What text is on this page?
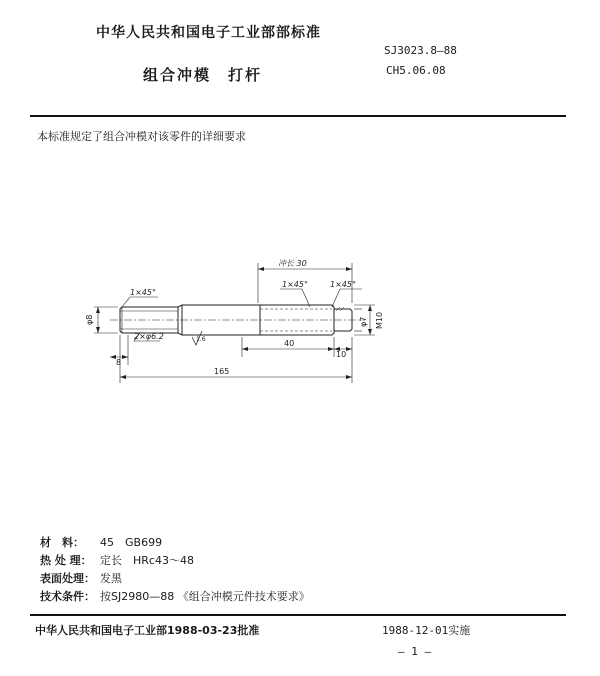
中华人民共和国电子工业部部标准
SJ3023.8—88
组合冲模　打杆	CH5.06.08
本标准规定了组合冲模对该零件的详细要求
1×45°
冲长 30
1×45°	1×45°
2×φ6.2	1.6
8
40
10
165
φ8	M10
φ7
材　料： 45　GB699
热 处 理： 定长　HRc43～48
表面处理： 发黑
技术条件： 按SJ2980—88 《组合冲模元件技术要求》
中华人民共和国电子工业部1988-03-23批准	1988-12-01实施
— 1 —
